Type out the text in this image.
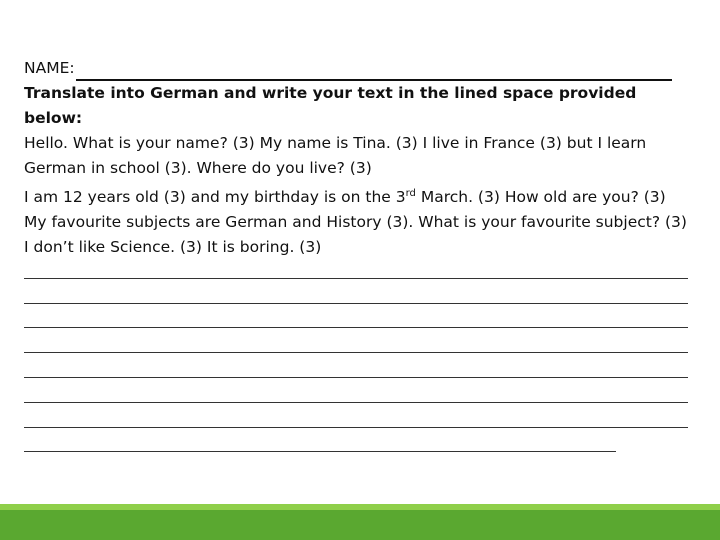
NAME:
Translate into German and write your text in the lined space provided below:
Hello. What is your name? (3) My name is Tina. (3) I live in France (3) but I learn German in school (3). Where do you live? (3)
I am 12 years old (3) and my birthday is on the 3rd March. (3) How old are you? (3) My favourite subjects are German and History (3). What is your favourite subject? (3) I don’t like Science. (3) It is boring. (3)
